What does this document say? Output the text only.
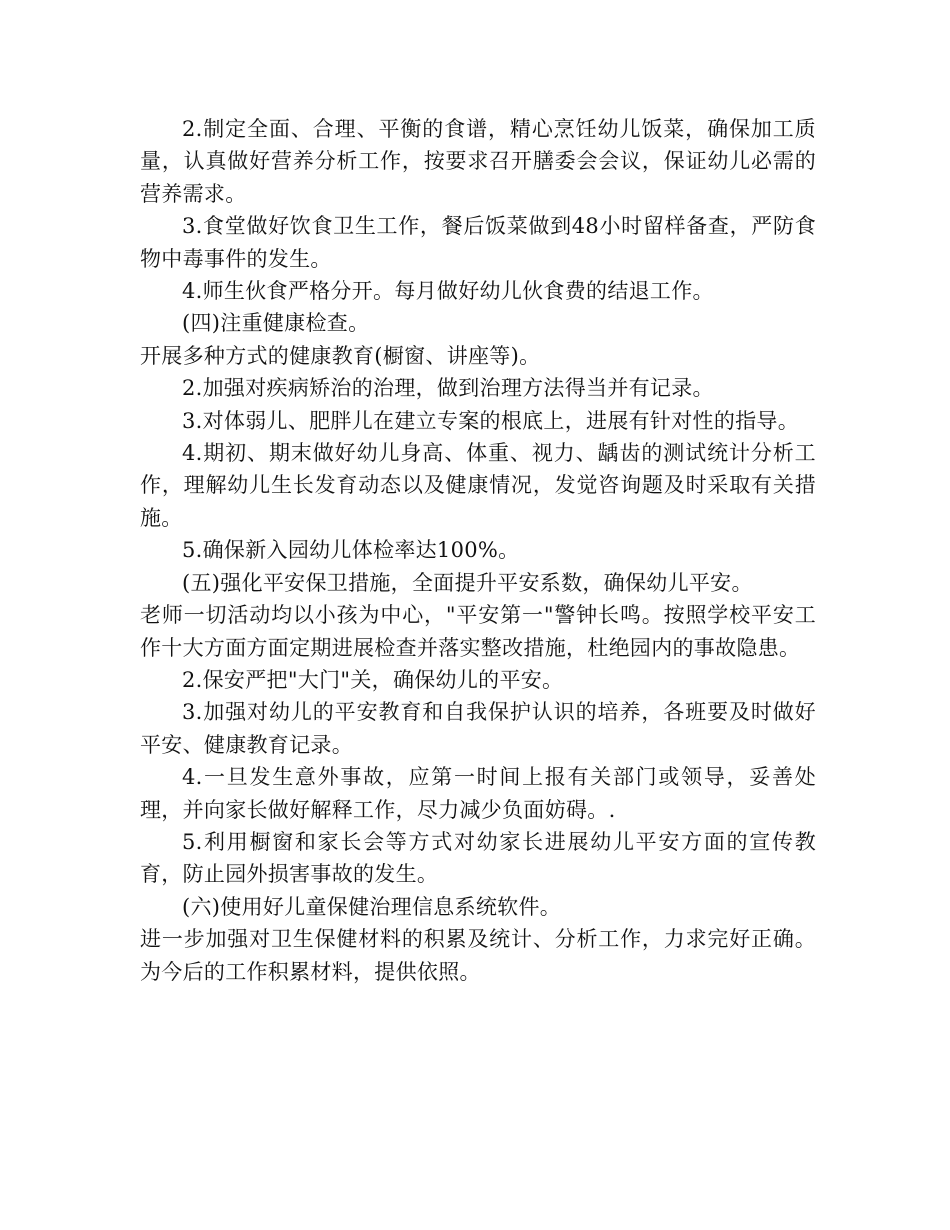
2.制定全面、合理、平衡的食谱，精心烹饪幼儿饭菜，确保加工质量，认真做好营养分析工作，按要求召开膳委会会议，保证幼儿必需的营养需求。

3.食堂做好饮食卫生工作，餐后饭菜做到48小时留样备查，严防食物中毒事件的发生。

4.师生伙食严格分开。每月做好幼儿伙食费的结退工作。

(四)注重健康检查。

开展多种方式的健康教育(橱窗、讲座等)。

2.加强对疾病矫治的治理，做到治理方法得当并有记录。

3.对体弱儿、肥胖儿在建立专案的根底上，进展有针对性的指导。

4.期初、期末做好幼儿身高、体重、视力、龋齿的测试统计分析工作，理解幼儿生长发育动态以及健康情况，发觉咨询题及时采取有关措施。

5.确保新入园幼儿体检率达100%。

(五)强化平安保卫措施，全面提升平安系数，确保幼儿平安。

老师一切活动均以小孩为中心，"平安第一"警钟长鸣。按照学校平安工作十大方面方面定期进展检查并落实整改措施，杜绝园内的事故隐患。

2.保安严把"大门"关，确保幼儿的平安。

3.加强对幼儿的平安教育和自我保护认识的培养，各班要及时做好平安、健康教育记录。

4.一旦发生意外事故，应第一时间上报有关部门或领导，妥善处理，并向家长做好解释工作，尽力减少负面妨碍。.

5.利用橱窗和家长会等方式对幼家长进展幼儿平安方面的宣传教育，防止园外损害事故的发生。

(六)使用好儿童保健治理信息系统软件。

进一步加强对卫生保健材料的积累及统计、分析工作，力求完好正确。为今后的工作积累材料，提供依照。
